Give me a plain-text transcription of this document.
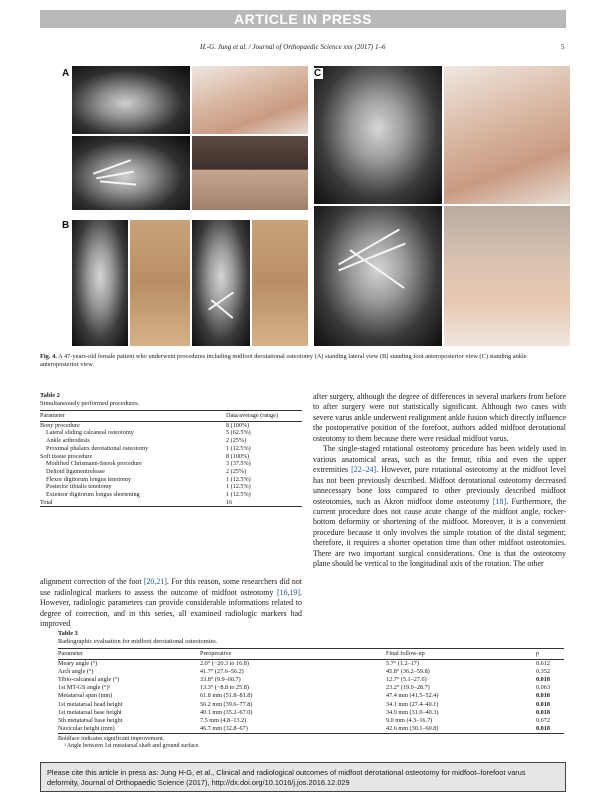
ARTICLE IN PRESS
H.-G. Jung et al. / Journal of Orthopaedic Science xxx (2017) 1–6	5
A
B
C
Fig. 4. A 47-years-old female patient who underwent procedures including midfoot derotational osteotomy (A) standing lateral view (B) standing foot anteroposterior view (C) standing ankle anteroposterior view.
Table 2
Simultaneously performed procedures.
Parameter	Data/average (range)
Bony procedure	8 (100%)
Lateral sliding calcaneal osteotomy	5 (62.5%)
Ankle arthrodesis	2 (25%)
Proximal phalanx derotational osteotomy	1 (12.5%)
Soft tissue procedure	8 (100%)
Modified Chrismann-Snook procedure	3 (37.5%)
Deltoid ligamentrelease	2 (25%)
Flexor digitorum longus tenotomy	1 (12.5%)
Posterior tibialis tenotomy	1 (12.5%)
Extensor digitorum longus shortening	1 (12.5%)
Total	16
alignment correction of the foot [20,21]. For this reason, some researchers did not use radiological markers to assess the outcome of midfoot osteotomy [16,19]. However, radiologic parameters can provide considerable informations related to degree of correction, and in this series, all examined radiologic markers had improved

after surgery, although the degree of differences in several markers from before to after surgery were not statistically significant. Although two cases with severe varus ankle underwent realignment ankle fusion which directly influence the postoperative position of the forefoot, authors added midfoot derotational osteotomy to them because there were residual midfoot varus.

The single-staged rotational osteotomy procedure has been widely used in various anatomical areas, such as the femur, tibia and even the upper extremities [22–24]. However, pure rotational osteotomy at the midfoot level has not been previously described. Midfoot derotational osteotomy decreased unnecessary bone loss compared to other previously described midfoot osteotomies, such as Akron midfoot dome osteotomy [18]. Furthermore, the current procedure does not cause acute change of the midfoot angle, rocker-bottom deformity or shortening of the midfoot. Moreover, it is a convenient procedure because it only involves the simple rotation of the distal segment; therefore, it requires a shorter operation time than other midfoot osteotomies. There are two important surgical considerations. One is that the osteotomy plane should be vertical to the longitudinal axis of the rotation. The other

Table 3
Radiographic evaluation for midfoot derotational osteotomies.
Parameter	Preoperative	Final follow-up	p
Meary angle (°)	2.0° (−20.3 to 16.8)	5.7° (1.2–17)	0.612
Arch angle (°)	41.7° (27.6–56.2)	45.8° (36.2–59.8)	0.352
Tibio-calcaneal angle (°)	33.8° (9.9–66.7)	12.7° (5.1–27.6)	0.018
1st MT-GS angle (°)ᵃ	13.3° (−8.8 to 25.8)	23.2° (19.0–28.7)	0.063
Metatarsal span (mm)	61.8 mm (51.8–81.8)	47.4 mm (41.5–52.4)	0.018
1st metatarsal head height	56.2 mm (39.6–77.8)	34.1 mm (27.4–40.1)	0.018
1st metatarsal base height	40.1 mm (35.2–67.0)	34.9 mm (31.0–40.3)	0.018
5th metatarsal base height	7.5 mm (4.8–13.2)	9.0 mm (4.3–16.7)	0.672
Navicular height (mm)	46.7 mm (32.8–67)	42.6 mm (30.1–60.8)	0.018
Boldface indicates significant improvement.
ᵃ Angle between 1st metatarsal shaft and ground surface.
Please cite this article in press as: Jung H-G, et al., Clinical and radiological outcomes of midfoot derotational osteotomy for midfoot–forefoot varus deformity, Journal of Orthopaedic Science (2017), http://dx.doi.org/10.1016/j.jos.2016.12.029
